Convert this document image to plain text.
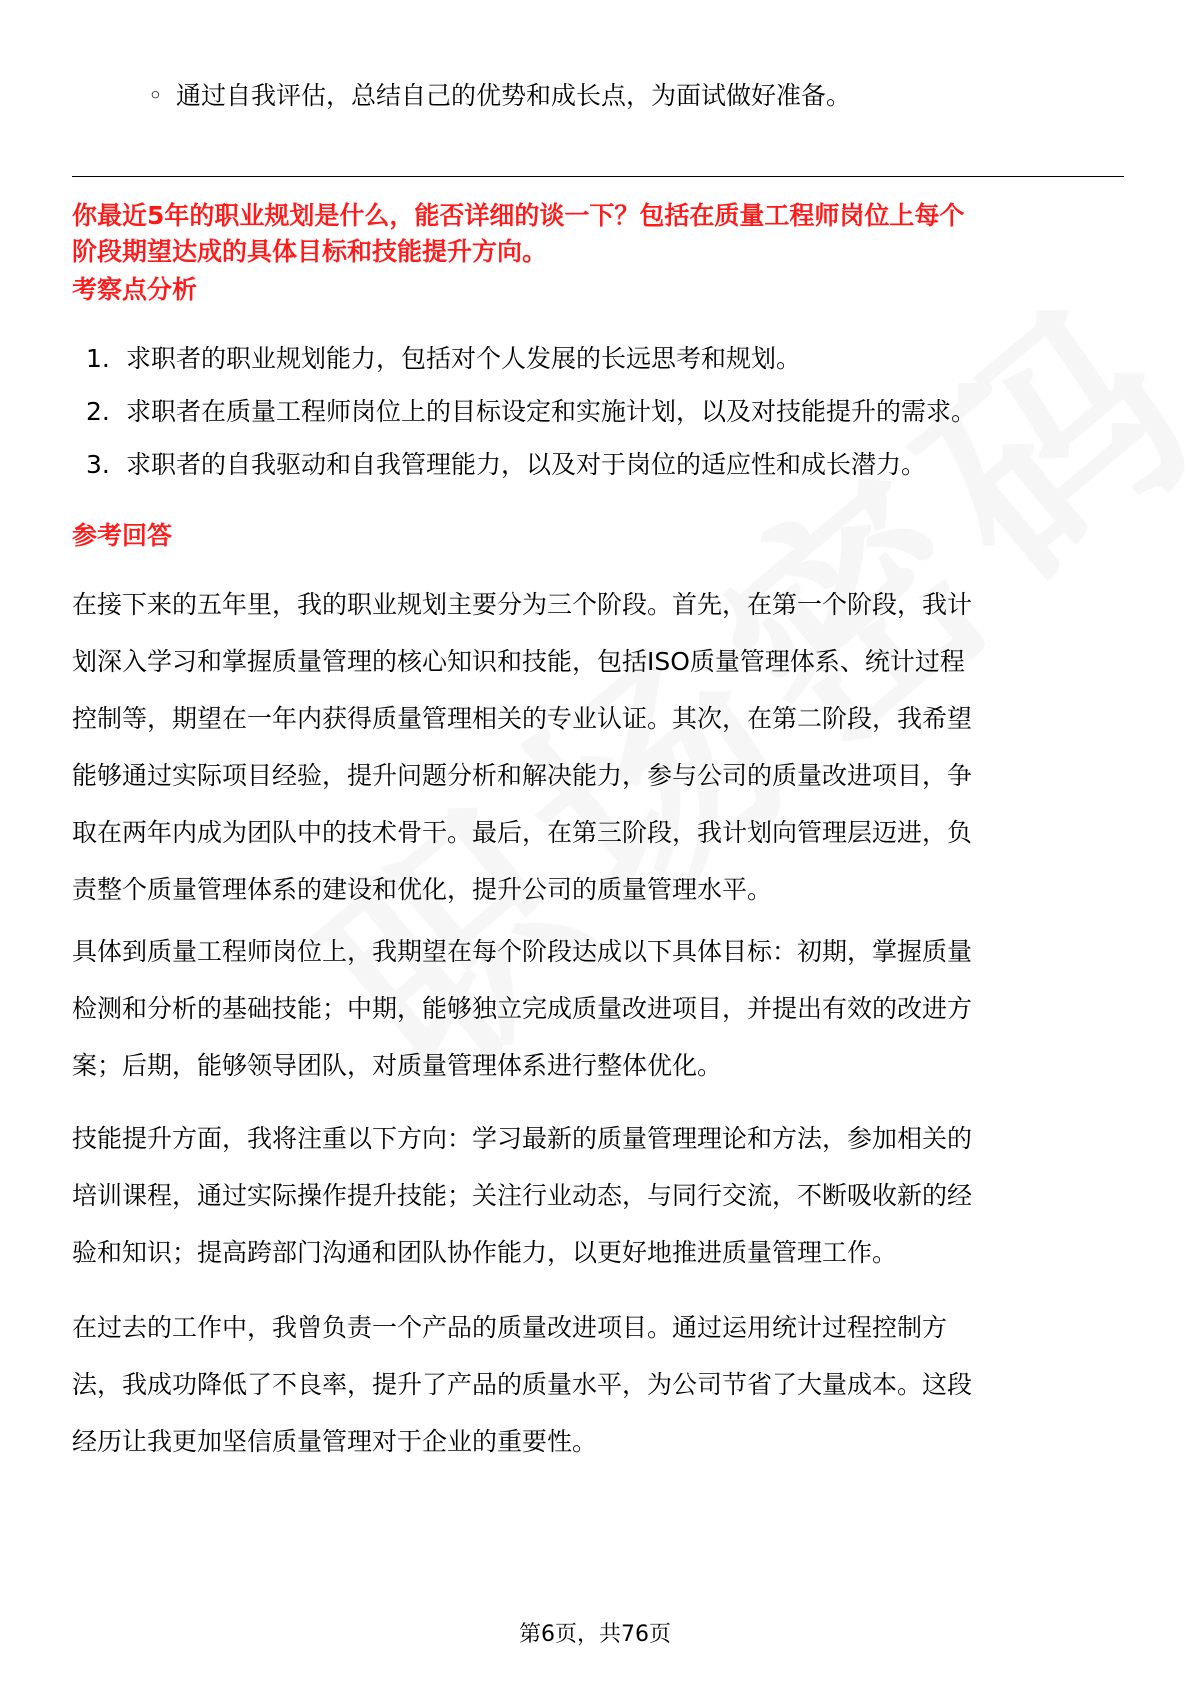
◦ 通过自我评估，总结自己的优势和成长点，为面试做好准备。
你最近5年的职业规划是什么，能否详细的谈一下？包括在质量工程师岗位上每个
阶段期望达成的具体目标和技能提升方向。
考察点分析
1. 求职者的职业规划能力，包括对个人发展的长远思考和规划。
2. 求职者在质量工程师岗位上的目标设定和实施计划，以及对技能提升的需求。
3. 求职者的自我驱动和自我管理能力，以及对于岗位的适应性和成长潜力。
参考回答
在接下来的五年里，我的职业规划主要分为三个阶段。首先，在第一个阶段，我计
划深入学习和掌握质量管理的核心知识和技能，包括ISO质量管理体系、统计过程
控制等，期望在一年内获得质量管理相关的专业认证。其次，在第二阶段，我希望
能够通过实际项目经验，提升问题分析和解决能力，参与公司的质量改进项目，争
取在两年内成为团队中的技术骨干。最后，在第三阶段，我计划向管理层迈进，负
责整个质量管理体系的建设和优化，提升公司的质量管理水平。
具体到质量工程师岗位上，我期望在每个阶段达成以下具体目标：初期，掌握质量
检测和分析的基础技能；中期，能够独立完成质量改进项目，并提出有效的改进方
案；后期，能够领导团队，对质量管理体系进行整体优化。
技能提升方面，我将注重以下方向：学习最新的质量管理理论和方法，参加相关的
培训课程，通过实际操作提升技能；关注行业动态，与同行交流，不断吸收新的经
验和知识；提高跨部门沟通和团队协作能力，以更好地推进质量管理工作。
在过去的工作中，我曾负责一个产品的质量改进项目。通过运用统计过程控制方
法，我成功降低了不良率，提升了产品的质量水平，为公司节省了大量成本。这段
经历让我更加坚信质量管理对于企业的重要性。
第6页，共76页
